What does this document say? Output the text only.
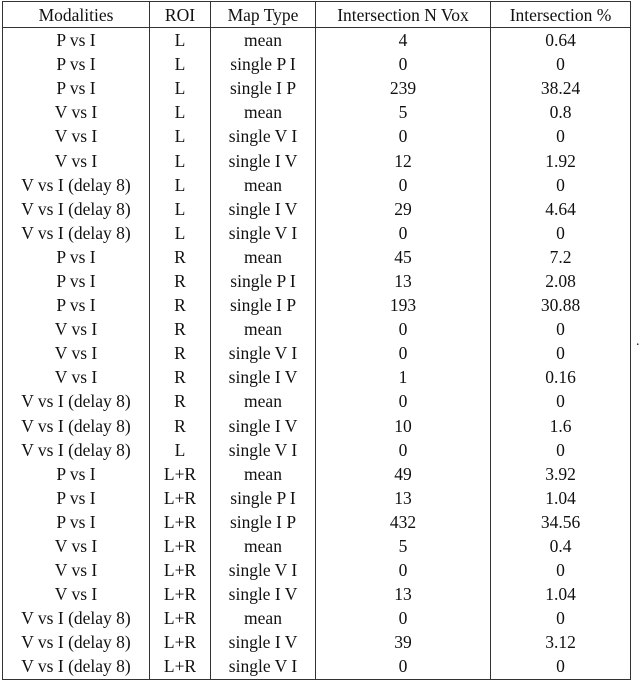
Modalities	ROI	Map Type	Intersection N Vox	Intersection %
P vs I	L	mean	4	0.64
P vs I	L	single P I	0	0
P vs I	L	single I P	239	38.24
V vs I	L	mean	5	0.8
V vs I	L	single V I	0	0
V vs I	L	single I V	12	1.92
V vs I (delay 8)	L	mean	0	0
V vs I (delay 8)	L	single I V	29	4.64
V vs I (delay 8)	L	single V I	0	0
P vs I	R	mean	45	7.2
P vs I	R	single P I	13	2.08
P vs I	R	single I P	193	30.88
V vs I	R	mean	0	0
V vs I	R	single V I	0	0
V vs I	R	single I V	1	0.16
V vs I (delay 8)	R	mean	0	0
V vs I (delay 8)	R	single I V	10	1.6
V vs I (delay 8)	L	single V I	0	0
P vs I	L+R	mean	49	3.92
P vs I	L+R	single P I	13	1.04
P vs I	L+R	single I P	432	34.56
V vs I	L+R	mean	5	0.4
V vs I	L+R	single V I	0	0
V vs I	L+R	single I V	13	1.04
V vs I (delay 8)	L+R	mean	0	0
V vs I (delay 8)	L+R	single I V	39	3.12
V vs I (delay 8)	L+R	single V I	0	0
.
